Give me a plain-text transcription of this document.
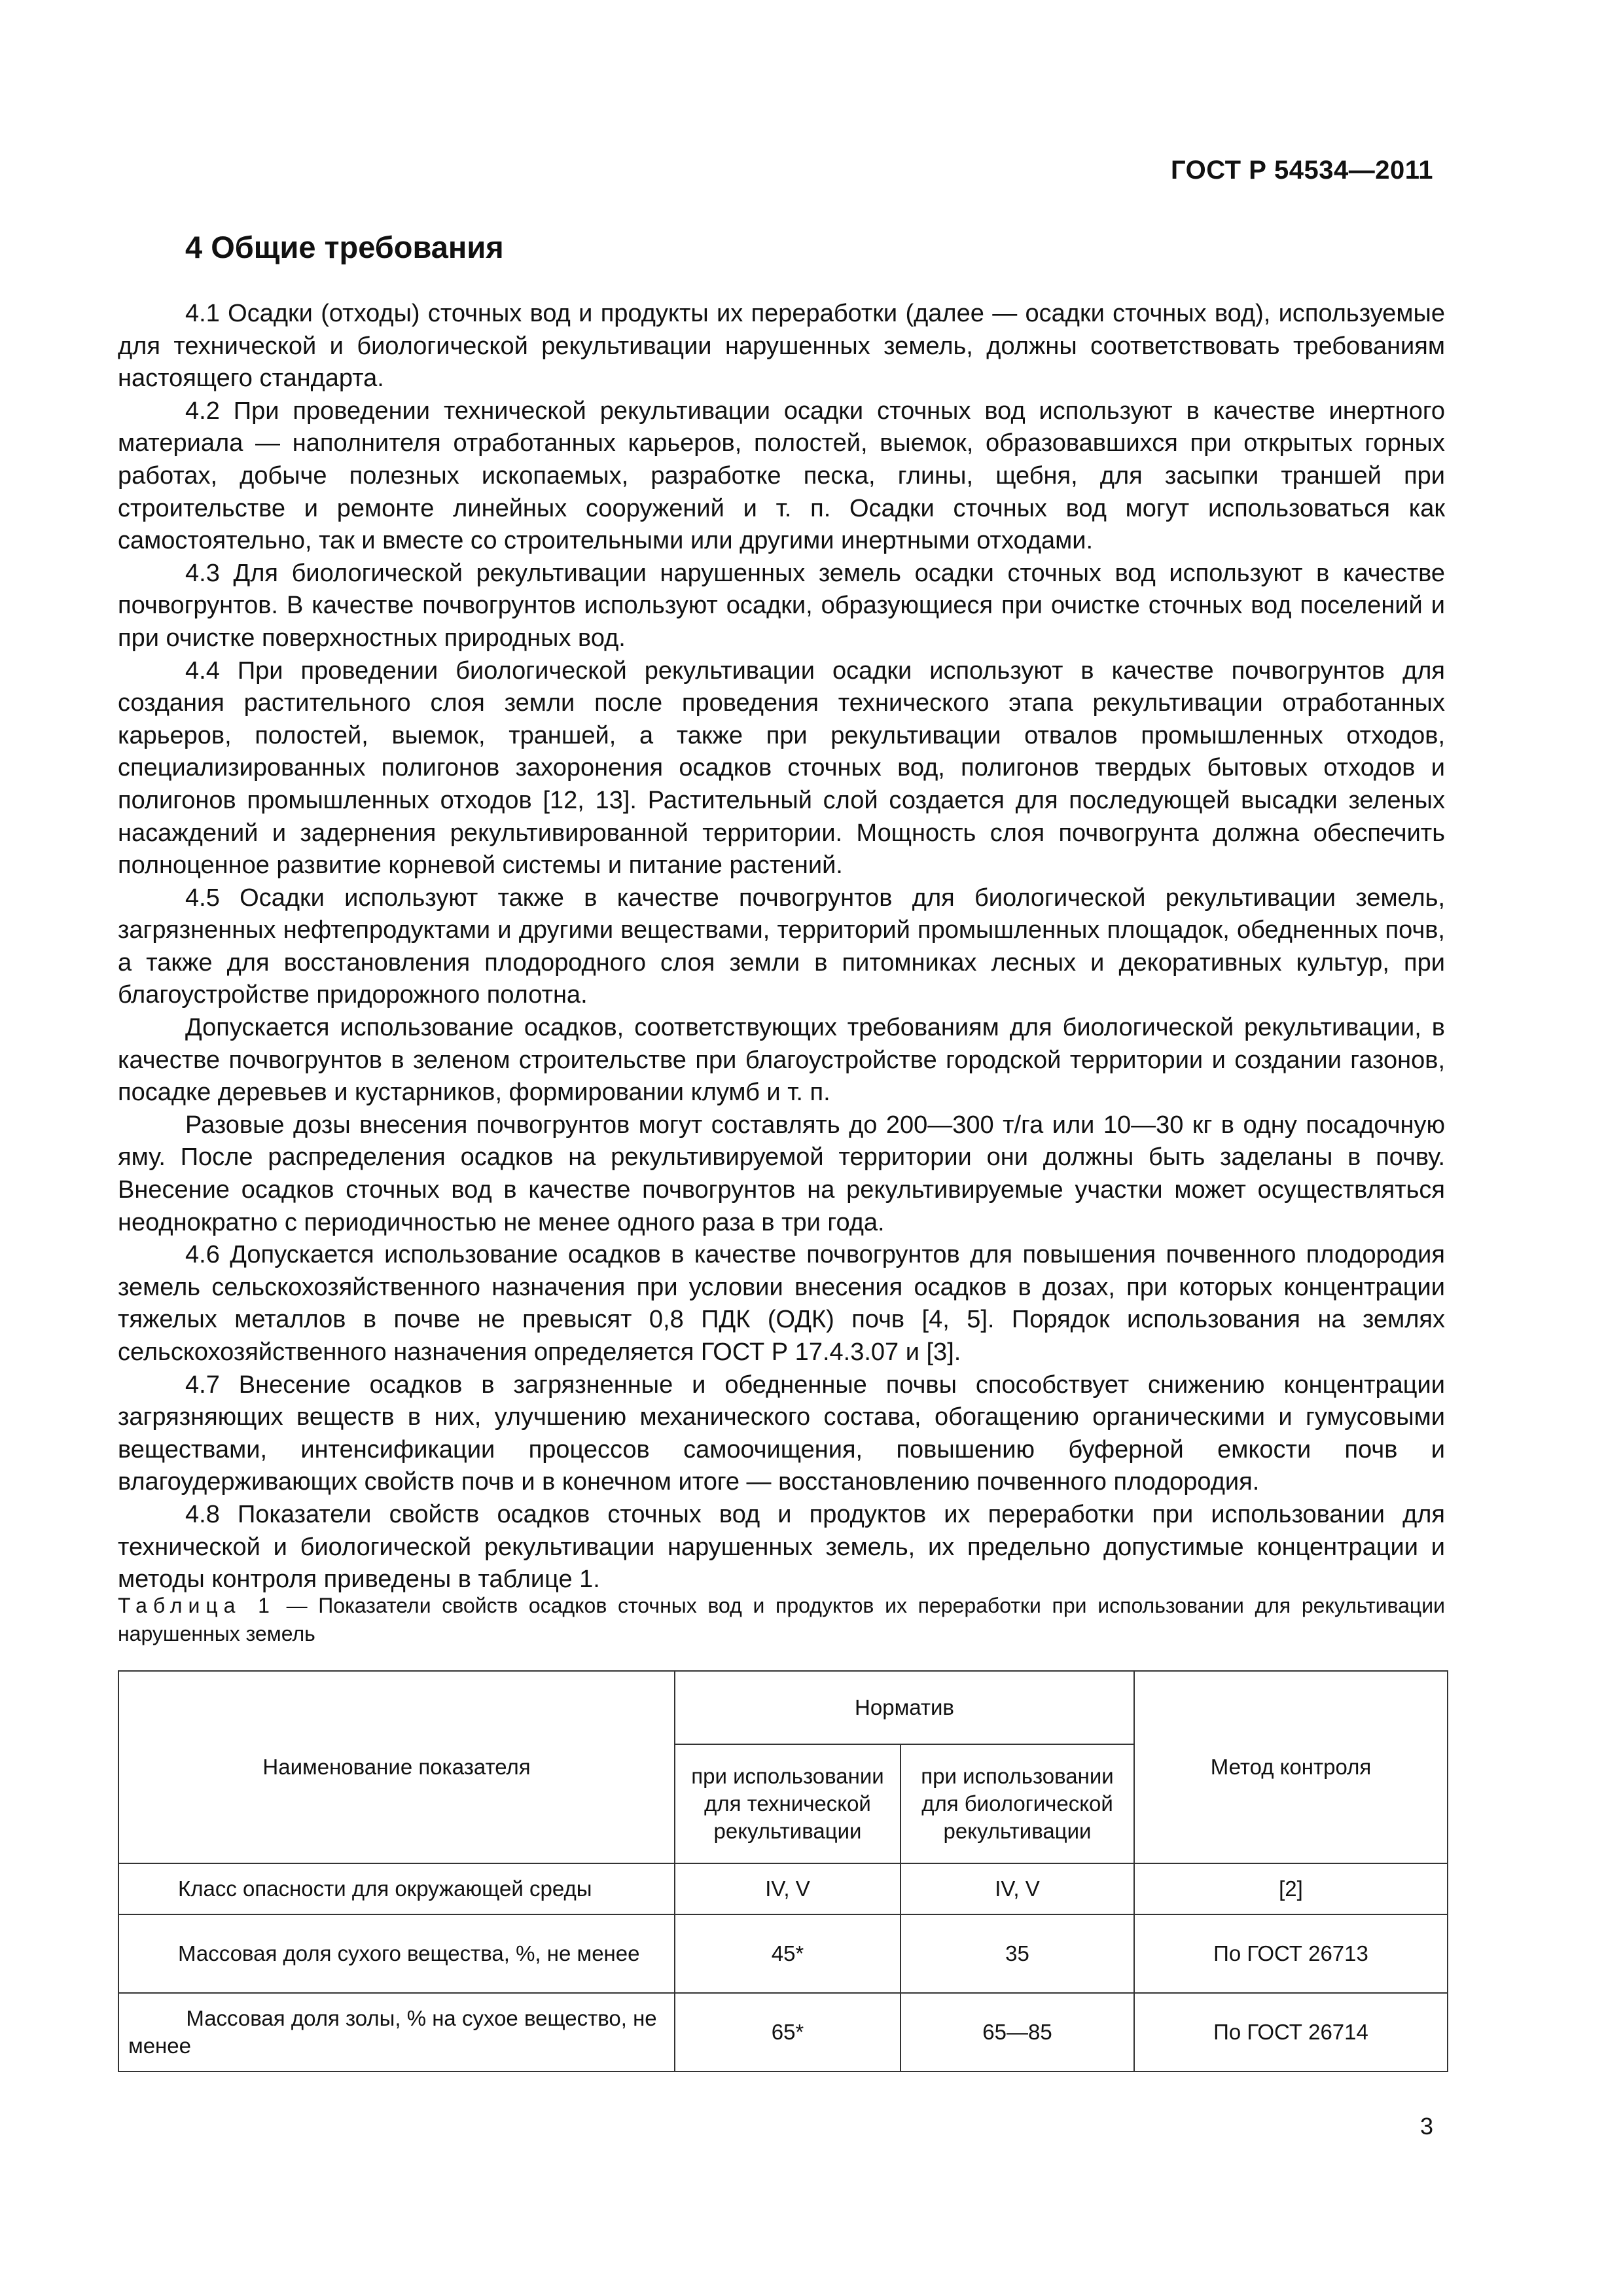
ГОСТ Р 54534—2011
4 Общие требования

4.1 Осадки (отходы) сточных вод и продукты их переработки (далее — осадки сточных вод), используемые для технической и биологической рекультивации нарушенных земель, должны соответствовать требованиям настоящего стандарта.

4.2 При проведении технической рекультивации осадки сточных вод используют в качестве инертного материала — наполнителя отработанных карьеров, полостей, выемок, образовавшихся при открытых горных работах, добыче полезных ископаемых, разработке песка, глины, щебня, для засыпки траншей при строительстве и ремонте линейных сооружений и т. п. Осадки сточных вод могут использоваться как самостоятельно, так и вместе со строительными или другими инертными отходами.

4.3 Для биологической рекультивации нарушенных земель осадки сточных вод используют в качестве почвогрунтов. В качестве почвогрунтов используют осадки, образующиеся при очистке сточных вод поселений и при очистке поверхностных природных вод.

4.4 При проведении биологической рекультивации осадки используют в качестве почвогрунтов для создания растительного слоя земли после проведения технического этапа рекультивации отработанных карьеров, полостей, выемок, траншей, а также при рекультивации отвалов промышленных отходов, специализированных полигонов захоронения осадков сточных вод, полигонов твердых бытовых отходов и полигонов промышленных отходов [12, 13]. Растительный слой создается для последующей высадки зеленых насаждений и задернения рекультивированной территории. Мощность слоя почвогрунта должна обеспечить полноценное развитие корневой системы и питание растений.

4.5 Осадки используют также в качестве почвогрунтов для биологической рекультивации земель, загрязненных нефтепродуктами и другими веществами, территорий промышленных площадок, обедненных почв, а также для восстановления плодородного слоя земли в питомниках лесных и декоративных культур, при благоустройстве придорожного полотна.

Допускается использование осадков, соответствующих требованиям для биологической рекультивации, в качестве почвогрунтов в зеленом строительстве при благоустройстве городской территории и создании газонов, посадке деревьев и кустарников, формировании клумб и т. п.

Разовые дозы внесения почвогрунтов могут составлять до 200—300 т/га или 10—30 кг в одну посадочную яму. После распределения осадков на рекультивируемой территории они должны быть заделаны в почву. Внесение осадков сточных вод в качестве почвогрунтов на рекультивируемые участки может осуществляться неоднократно с периодичностью не менее одного раза в три года.

4.6 Допускается использование осадков в качестве почвогрунтов для повышения почвенного плодородия земель сельскохозяйственного назначения при условии внесения осадков в дозах, при которых концентрации тяжелых металлов в почве не превысят 0,8 ПДК (ОДК) почв [4, 5]. Порядок использования на землях сельскохозяйственного назначения определяется ГОСТ Р 17.4.3.07 и [3].

4.7 Внесение осадков в загрязненные и обедненные почвы способствует снижению концентрации загрязняющих веществ в них, улучшению механического состава, обогащению органическими и гумусовыми веществами, интенсификации процессов самоочищения, повышению буферной емкости почв и влагоудерживающих свойств почв и в конечном итоге — восстановлению почвенного плодородия.

4.8 Показатели свойств осадков сточных вод и продуктов их переработки при использовании для технической и биологической рекультивации нарушенных земель, их предельно допустимые концентрации и методы контроля приведены в таблице 1.

Таблица 1 — Показатели свойств осадков сточных вод и продуктов их переработки при использовании для рекультивации нарушенных земель
Наименование показателя	Норматив		Метод контроля
	при использовании для технической рекультивации	при использовании для биологической рекультивации	
Класс опасности для окружающей среды	IV, V	IV, V	[2]
Массовая доля сухого вещества, %, не менее	45*	35	По ГОСТ 26713
Массовая доля золы, % на сухое вещество, не менее	65*	65—85	По ГОСТ 26714
3
